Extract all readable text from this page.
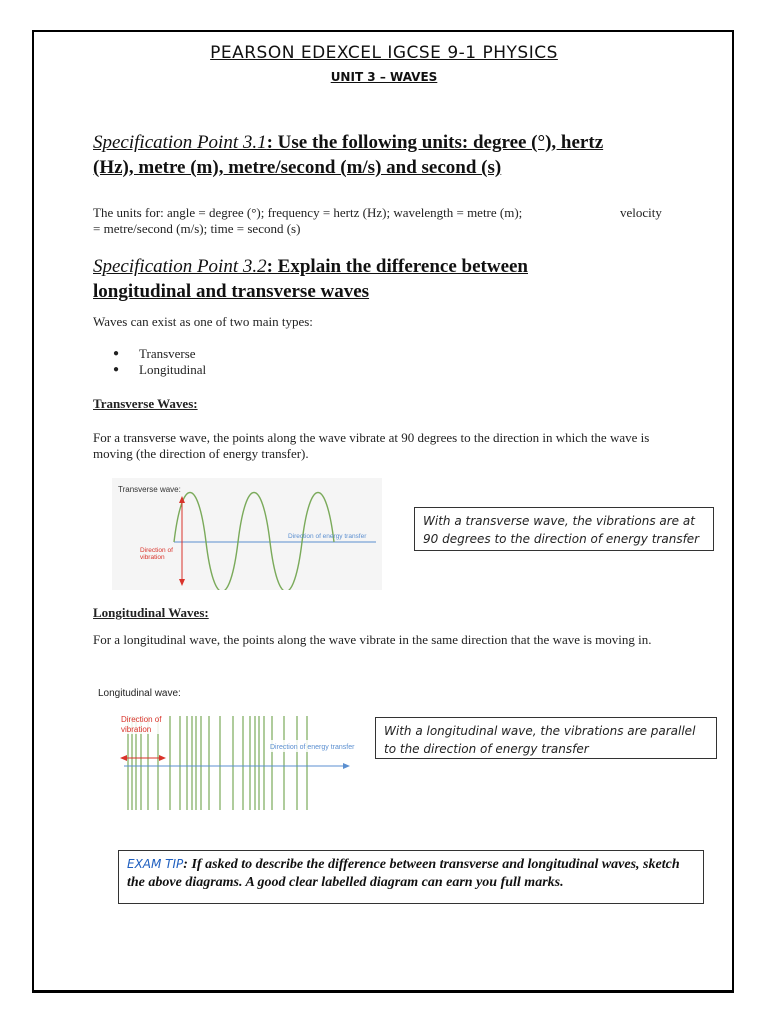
PEARSON EDEXCEL IGCSE 9-1 PHYSICS
UNIT 3 – WAVES
Specification Point 3.1: Use the following units: degree (°), hertz
(Hz), metre (m), metre/second (m/s) and second (s)
The units for: angle = degree (°); frequency = hertz (Hz); wavelength = metre (m);	velocity
= metre/second (m/s); time = second (s)
Specification Point 3.2: Explain the difference between
longitudinal and transverse waves
Waves can exist as one of two main types:
●	Transverse
●	Longitudinal
Transverse Waves:
For a transverse wave, the points along the wave vibrate at 90 degrees to the direction in which the wave is moving (the direction of energy transfer).
Transverse wave:
Direction of
vibration
Direction of energy transfer
With a transverse wave, the vibrations are at 90 degrees to the direction of energy transfer
Longitudinal Waves:
For a longitudinal wave, the points along the wave vibrate in the same direction that the wave is moving in.
Longitudinal wave:
Direction of
vibration
Direction of energy transfer
With a longitudinal wave, the vibrations are parallel to the direction of energy transfer
EXAM TIP: If asked to describe the difference between transverse and longitudinal waves, sketch the above diagrams. A good clear labelled diagram can earn you full marks.
